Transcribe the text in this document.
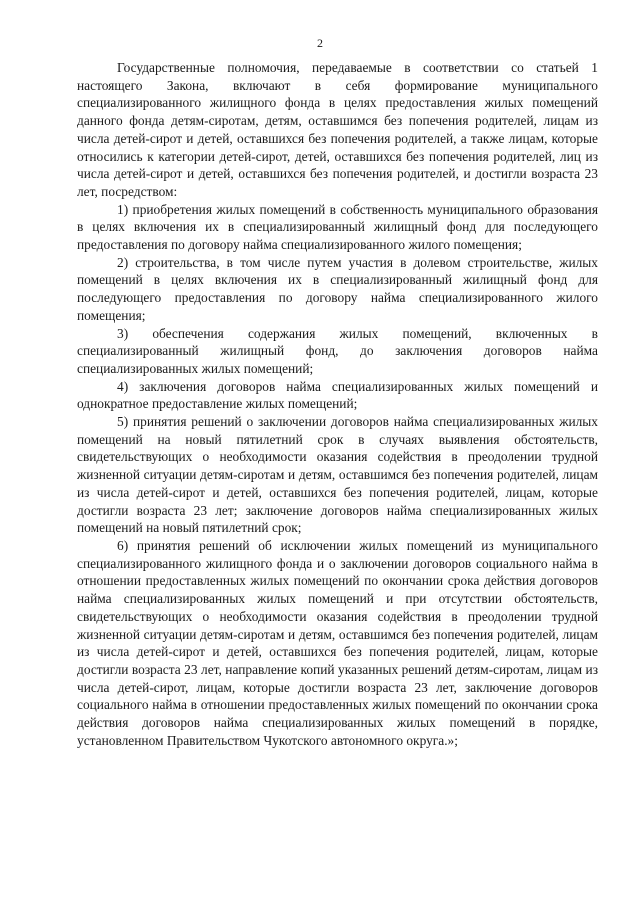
2

Государственные полномочия, передаваемые в соответствии со статьей 1 настоящего Закона, включают в себя формирование муниципального специализированного жилищного фонда в целях предоставления жилых помещений данного фонда детям-сиротам, детям, оставшимся без попечения родителей, лицам из числа детей-сирот и детей, оставшихся без попечения родителей, а также лицам, которые относились к категории детей-сирот, детей, оставшихся без попечения родителей, лиц из числа детей-сирот и детей, оставшихся без попечения родителей, и достигли возраста 23 лет, посредством:

1) приобретения жилых помещений в собственность муниципального образования в целях включения их в специализированный жилищный фонд для последующего предоставления по договору найма специализированного жилого помещения;

2) строительства, в том числе путем участия в долевом строительстве, жилых помещений в целях включения их в специализированный жилищный фонд для последующего предоставления по договору найма специализированного жилого помещения;

3) обеспечения содержания жилых помещений, включенных в специализированный жилищный фонд, до заключения договоров найма специализированных жилых помещений;

4) заключения договоров найма специализированных жилых помещений и однократное предоставление жилых помещений;

5) принятия решений о заключении договоров найма специализированных жилых помещений на новый пятилетний срок в случаях выявления обстоятельств, свидетельствующих о необходимости оказания содействия в преодолении трудной жизненной ситуации детям-сиротам и детям, оставшимся без попечения родителей, лицам из числа детей-сирот и детей, оставшихся без попечения родителей, лицам, которые достигли возраста 23 лет; заключение договоров найма специализированных жилых помещений на новый пятилетний срок;

6) принятия решений об исключении жилых помещений из муниципального специализированного жилищного фонда и о заключении договоров социального найма в отношении предоставленных жилых помещений по окончании срока действия договоров найма специализированных жилых помещений и при отсутствии обстоятельств, свидетельствующих о необходимости оказания содействия в преодолении трудной жизненной ситуации детям-сиротам и детям, оставшимся без попечения родителей, лицам из числа детей-сирот и детей, оставшихся без попечения родителей, лицам, которые достигли возраста 23 лет, направление копий указанных решений детям-сиротам, лицам из числа детей-сирот, лицам, которые достигли возраста 23 лет, заключение договоров социального найма в отношении предоставленных жилых помещений по окончании срока действия договоров найма специализированных жилых помещений в порядке, установленном Правительством Чукотского автономного округа.»;
